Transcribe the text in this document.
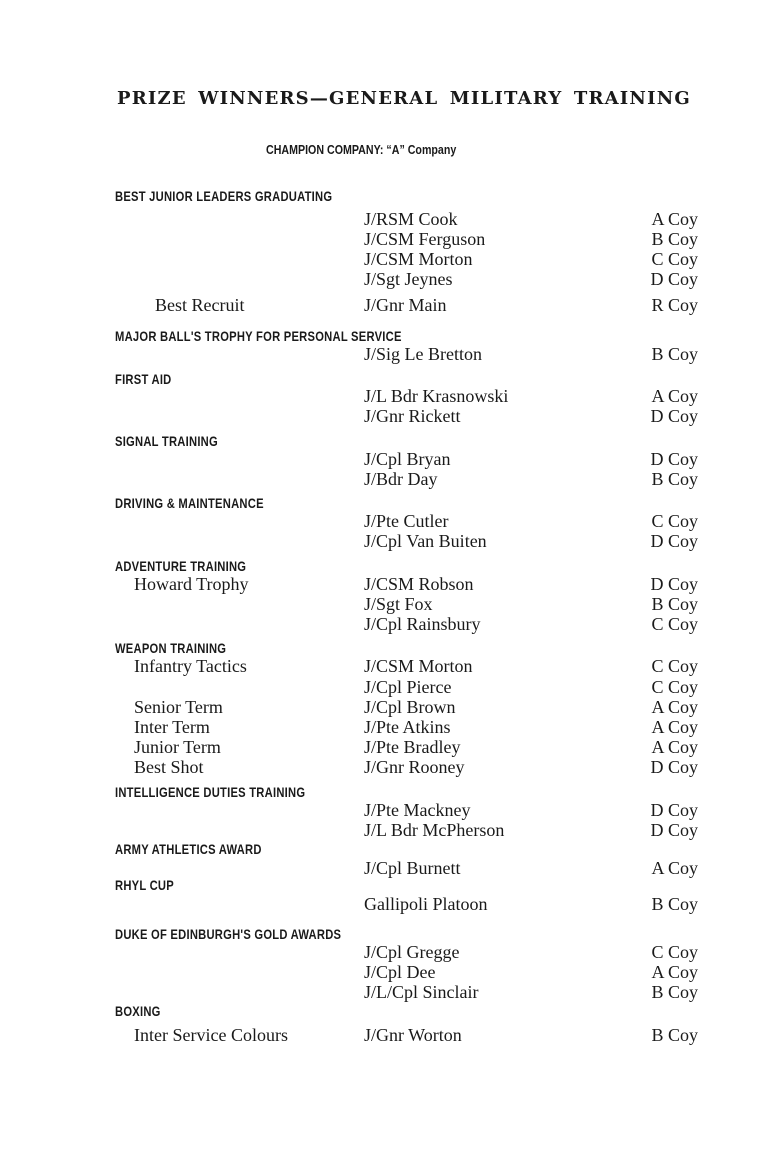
PRIZE WINNERS—GENERAL MILITARY TRAINING
CHAMPION COMPANY: “A” Company
BEST JUNIOR LEADERS GRADUATING
J/RSM Cook	A Coy
J/CSM Ferguson	B Coy
J/CSM Morton	C Coy
J/Sgt Jeynes	D Coy
Best Recruit	J/Gnr Main	R Coy
MAJOR BALL'S TROPHY FOR PERSONAL SERVICE
J/Sig Le Bretton	B Coy
FIRST AID
J/L Bdr Krasnowski	A Coy
J/Gnr Rickett	D Coy
SIGNAL TRAINING
J/Cpl Bryan	D Coy
J/Bdr Day	B Coy
DRIVING & MAINTENANCE
J/Pte Cutler	C Coy
J/Cpl Van Buiten	D Coy
ADVENTURE TRAINING
Howard Trophy	J/CSM Robson	D Coy
J/Sgt Fox	B Coy
J/Cpl Rainsbury	C Coy
WEAPON TRAINING
Infantry Tactics	J/CSM Morton	C Coy
J/Cpl Pierce	C Coy
Senior Term	J/Cpl Brown	A Coy
Inter Term	J/Pte Atkins	A Coy
Junior Term	J/Pte Bradley	A Coy
Best Shot	J/Gnr Rooney	D Coy
INTELLIGENCE DUTIES TRAINING
J/Pte Mackney	D Coy
J/L Bdr McPherson	D Coy
ARMY ATHLETICS AWARD
J/Cpl Burnett	A Coy
RHYL CUP
Gallipoli Platoon	B Coy
DUKE OF EDINBURGH'S GOLD AWARDS
J/Cpl Gregge	C Coy
J/Cpl Dee	A Coy
J/L/Cpl Sinclair	B Coy
BOXING
Inter Service Colours	J/Gnr Worton	B Coy
